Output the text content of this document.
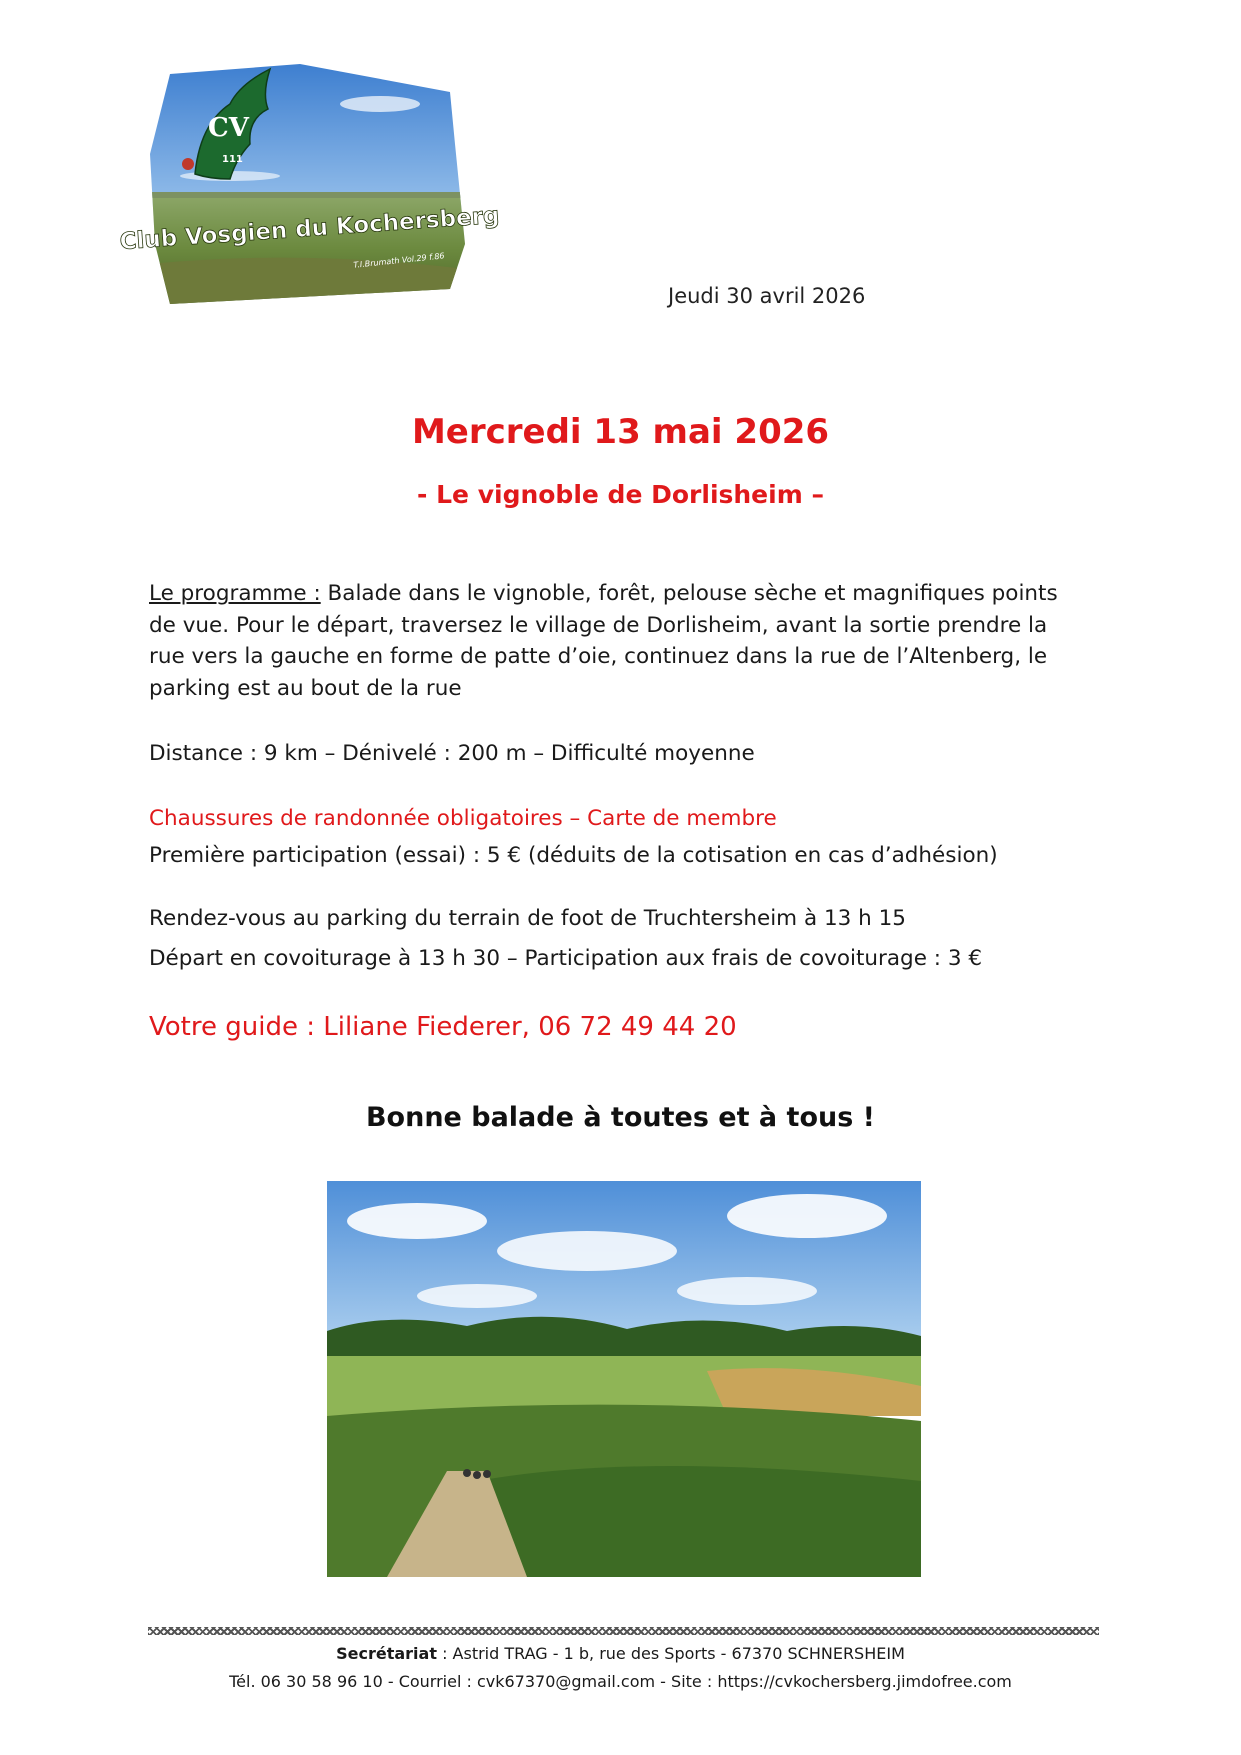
CV
111
Club Vosgien du Kochersberg
T.I.Brumath Vol.29 f.86
Jeudi 30 avril 2026
Mercredi 13 mai 2026
- Le vignoble de Dorlisheim –
Le programme : Balade dans le vignoble, forêt, pelouse sèche et magnifiques points de vue. Pour le départ, traversez le village de Dorlisheim, avant la sortie prendre la rue vers la gauche en forme de patte d’oie, continuez dans la rue de l’Altenberg, le parking est au bout de la rue
Distance : 9 km – Dénivelé : 200 m – Difficulté moyenne
Chaussures de randonnée obligatoires – Carte de membre
Première participation (essai) : 5 € (déduits de la cotisation en cas d’adhésion)
Rendez-vous au parking du terrain de foot de Truchtersheim à 13 h 15
Départ en covoiturage à 13 h 30 – Participation aux frais de covoiturage : 3 €
Votre guide : Liliane Fiederer, 06 72 49 44 20
Bonne balade à toutes et à tous !
Secrétariat : Astrid TRAG - 1 b, rue des Sports - 67370 SCHNERSHEIM
Tél. 06 30 58 96 10 - Courriel : cvk67370@gmail.com - Site : https://cvkochersberg.jimdofree.com
